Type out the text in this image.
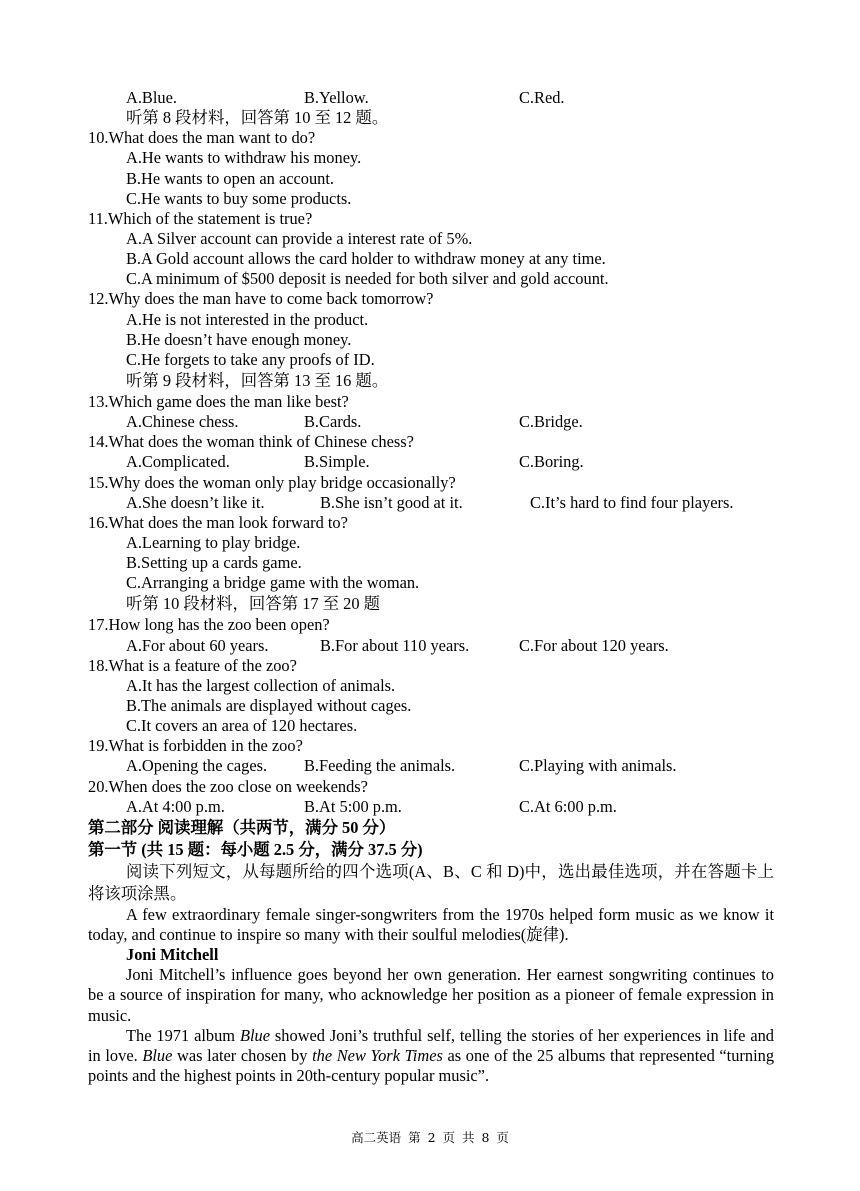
A.Blue.	B.Yellow.	C.Red.
听第 8 段材料，回答第 10 至 12 题。
10.What does the man want to do?
A.He wants to withdraw his money.
B.He wants to open an account.
C.He wants to buy some products.
11.Which of the statement is true?
A.A Silver account can provide a interest rate of 5%.
B.A Gold account allows the card holder to withdraw money at any time.
C.A minimum of $500 deposit is needed for both silver and gold account.
12.Why does the man have to come back tomorrow?
A.He is not interested in the product.
B.He doesn’t have enough money.
C.He forgets to take any proofs of ID.
听第 9 段材料，回答第 13 至 16 题。
13.Which game does the man like best?
A.Chinese chess.	B.Cards.	C.Bridge.
14.What does the woman think of Chinese chess?
A.Complicated.	B.Simple.	C.Boring.
15.Why does the woman only play bridge occasionally?
A.She doesn’t like it.	B.She isn’t good at it.	C.It’s hard to find four players.
16.What does the man look forward to?
A.Learning to play bridge.
B.Setting up a cards game.
C.Arranging a bridge game with the woman.
听第 10 段材料，回答第 17 至 20 题
17.How long has the zoo been open?
A.For about 60 years.	B.For about 110 years.	C.For about 120 years.
18.What is a feature of the zoo?
A.It has the largest collection of animals.
B.The animals are displayed without cages.
C.It covers an area of 120 hectares.
19.What is forbidden in the zoo?
A.Opening the cages. B.Feeding the animals.	C.Playing with animals.
20.When does the zoo close on weekends?
A.At 4:00 p.m.	B.At 5:00 p.m.	C.At 6:00 p.m.
第二部分 阅读理解（共两节，满分 50 分）
第一节 (共 15 题：每小题 2.5 分，满分 37.5 分)
阅读下列短文，从每题所给的四个选项(A、B、C 和 D)中，选出最佳选项，并在答题卡上将该项涂黑。
A few extraordinary female singer-songwriters from the 1970s helped form music as we know it today, and continue to inspire so many with their soulful melodies(旋律).
Joni Mitchell
Joni Mitchell’s influence goes beyond her own generation. Her earnest songwriting continues to be a source of inspiration for many, who acknowledge her position as a pioneer of female expression in music.
The 1971 album Blue showed Joni’s truthful self, telling the stories of her experiences in life and in love. Blue was later chosen by the New York Times as one of the 25 albums that represented “turning points and the highest points in 20th-century popular music”.
高二英语 第 2 页 共 8 页
